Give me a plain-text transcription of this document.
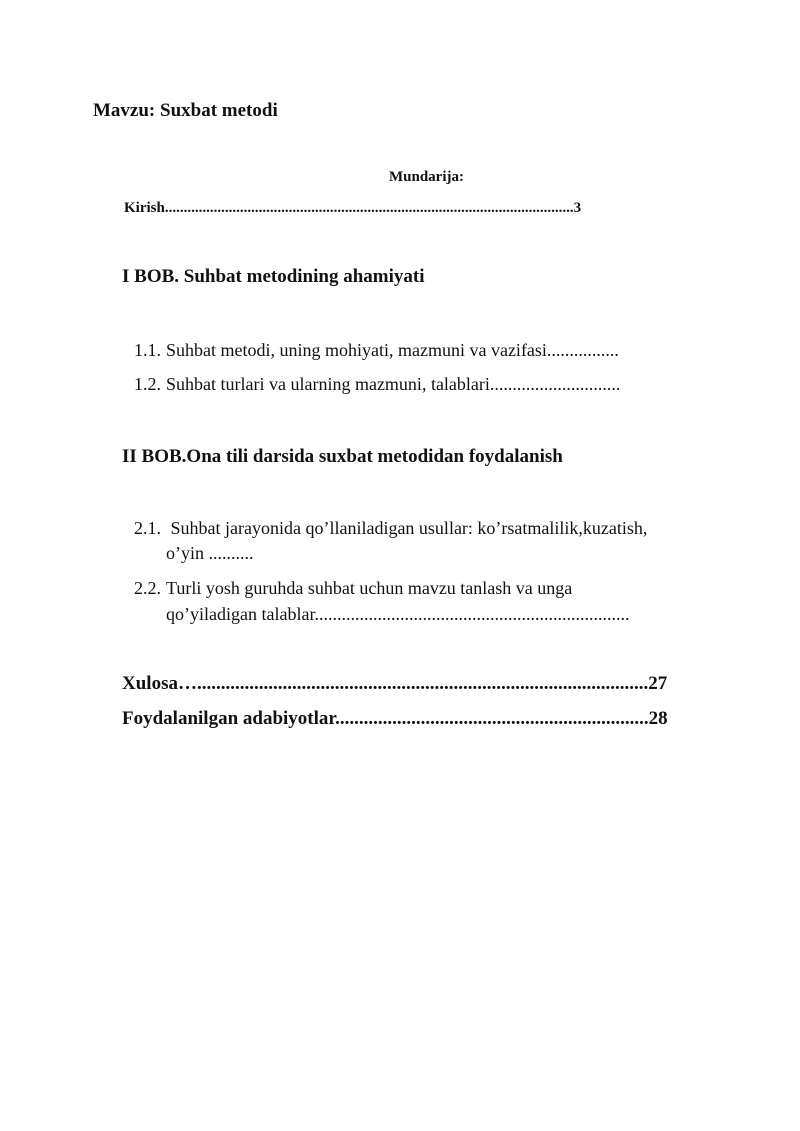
Mavzu: Suxbat metodi
Mundarija:
Kirish.............................................................................................................3
I BOB. Suhbat metodining ahamiyati
1.1. Suhbat metodi, uning mohiyati, mazmuni va vazifasi................
1.2. Suhbat turlari va ularning mazmuni, talablari.............................
II BOB.Ona tili darsida suxbat metodidan foydalanish
2.1. Suhbat jarayonida qo’llaniladigan usullar: ko’rsatmalilik,kuzatish,
o’yin ..........
2.2. Turli yosh guruhda suhbat uchun mavzu tanlash va unga
qo’yiladigan talablar......................................................................
Xulosa…...............................................................................................27
Foydalanilgan adabiyotlar..................................................................28
